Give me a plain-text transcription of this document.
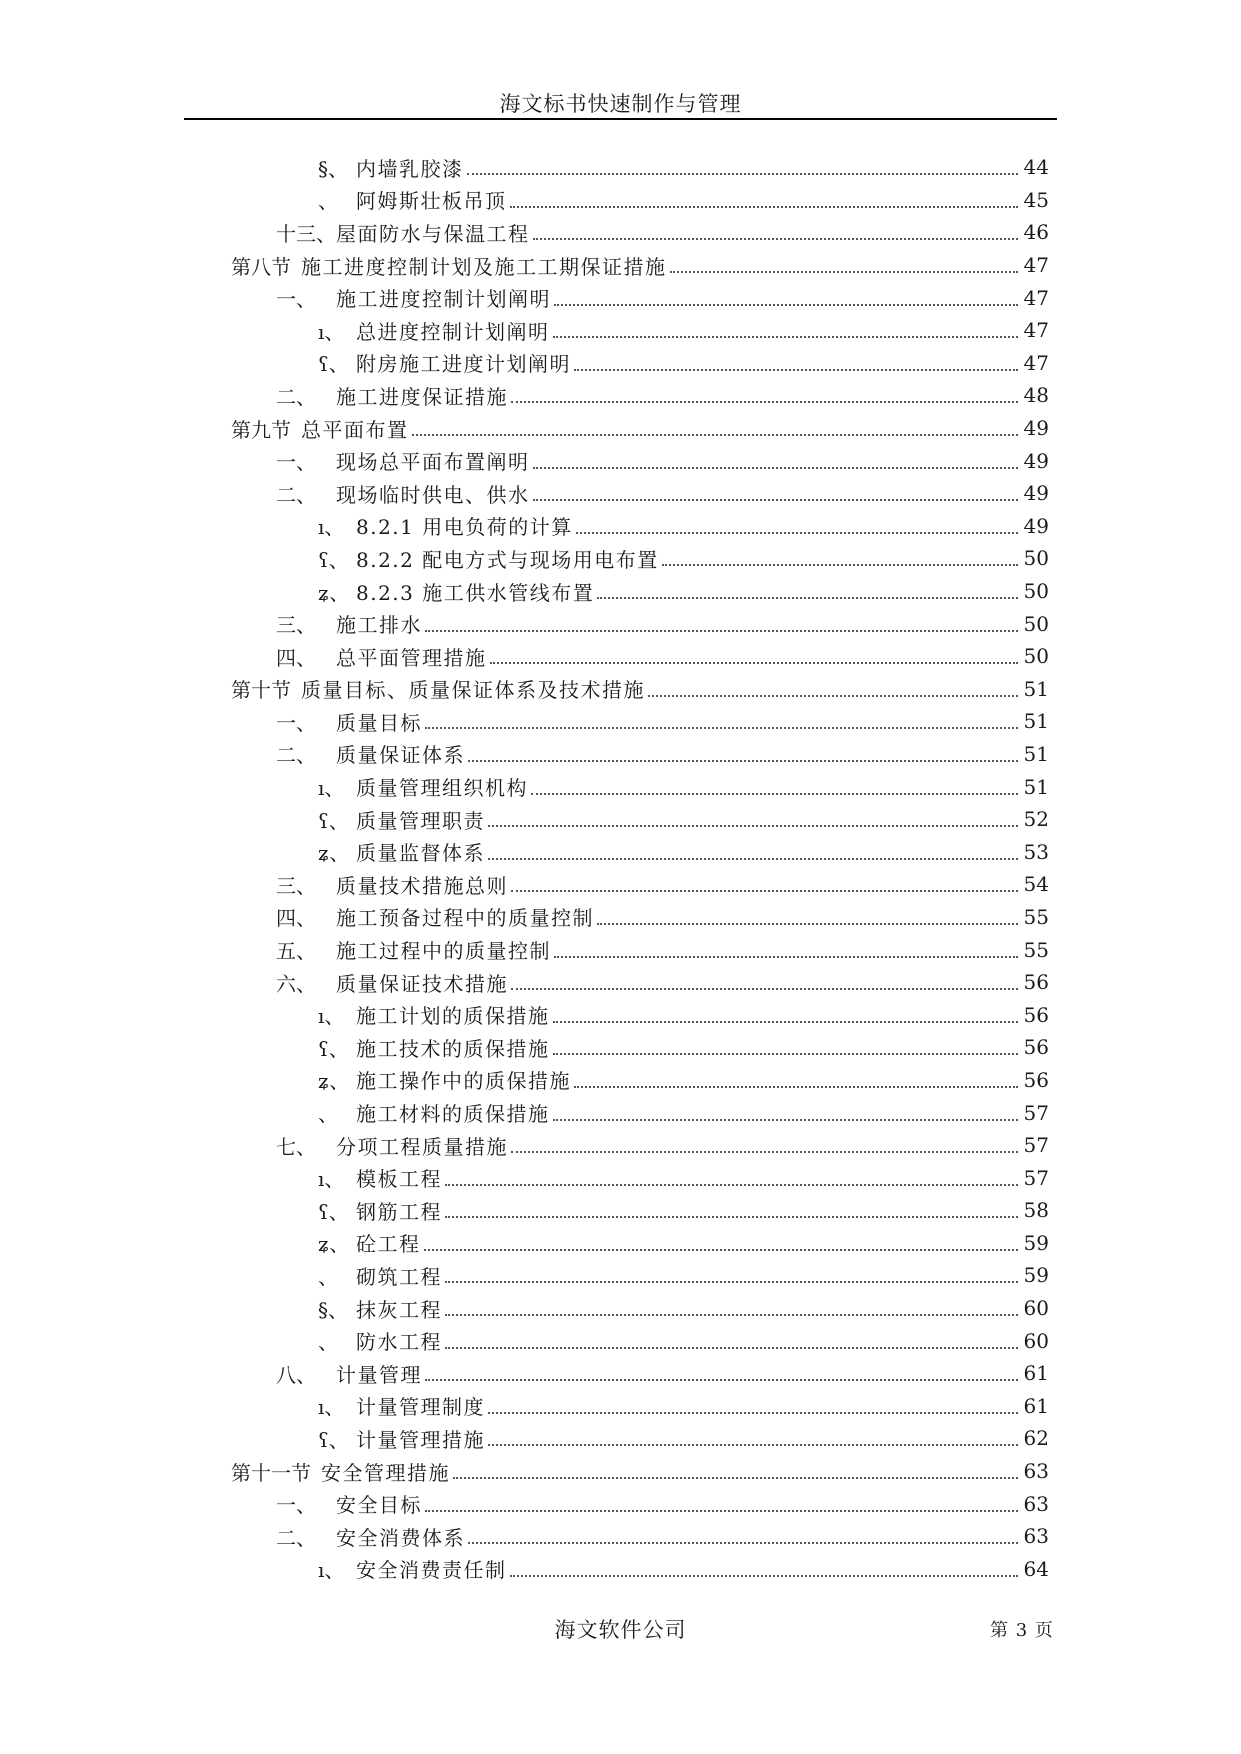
海文标书快速制作与管理
§、 内墙乳胶漆	44
、 阿姆斯壮板吊顶	45
十三、 屋面防水与保温工程	46
第八节 施工进度控制计划及施工工期保证措施	47
一、	施工进度控制计划阐明	47
ı、 总进度控制计划阐明	47
ʕ、 附房施工进度计划阐明	47
二、	施工进度保证措施	48
第九节 总平面布置	49
一、	现场总平面布置阐明	49
二、	现场临时供电、供水	49
ı、 8.2.1 用电负荷的计算	49
ʕ、 8.2.2 配电方式与现场用电布置	50
ʑ、 8.2.3 施工供水管线布置	50
三、	施工排水	50
四、	总平面管理措施	50
第十节 质量目标、质量保证体系及技术措施	51
一、	质量目标	51
二、	质量保证体系	51
ı、 质量管理组织机构	51
ʕ、 质量管理职责	52
ʑ、 质量监督体系	53
三、	质量技术措施总则	54
四、	施工预备过程中的质量控制	55
五、	施工过程中的质量控制	55
六、	质量保证技术措施	56
ı、 施工计划的质保措施	56
ʕ、 施工技术的质保措施	56
ʑ、 施工操作中的质保措施	56
、 施工材料的质保措施	57
七、	分项工程质量措施	57
ı、 模板工程	57
ʕ、 钢筋工程	58
ʑ、 砼工程	59
、 砌筑工程	59
§、 抹灰工程	60
、 防水工程	60
八、	计量管理	61
ı、 计量管理制度	61
ʕ、 计量管理措施	62
第十一节 安全管理措施	63
一、	安全目标	63
二、	安全消费体系	63
ı、 安全消费责任制	64
海文软件公司	第 3 页
